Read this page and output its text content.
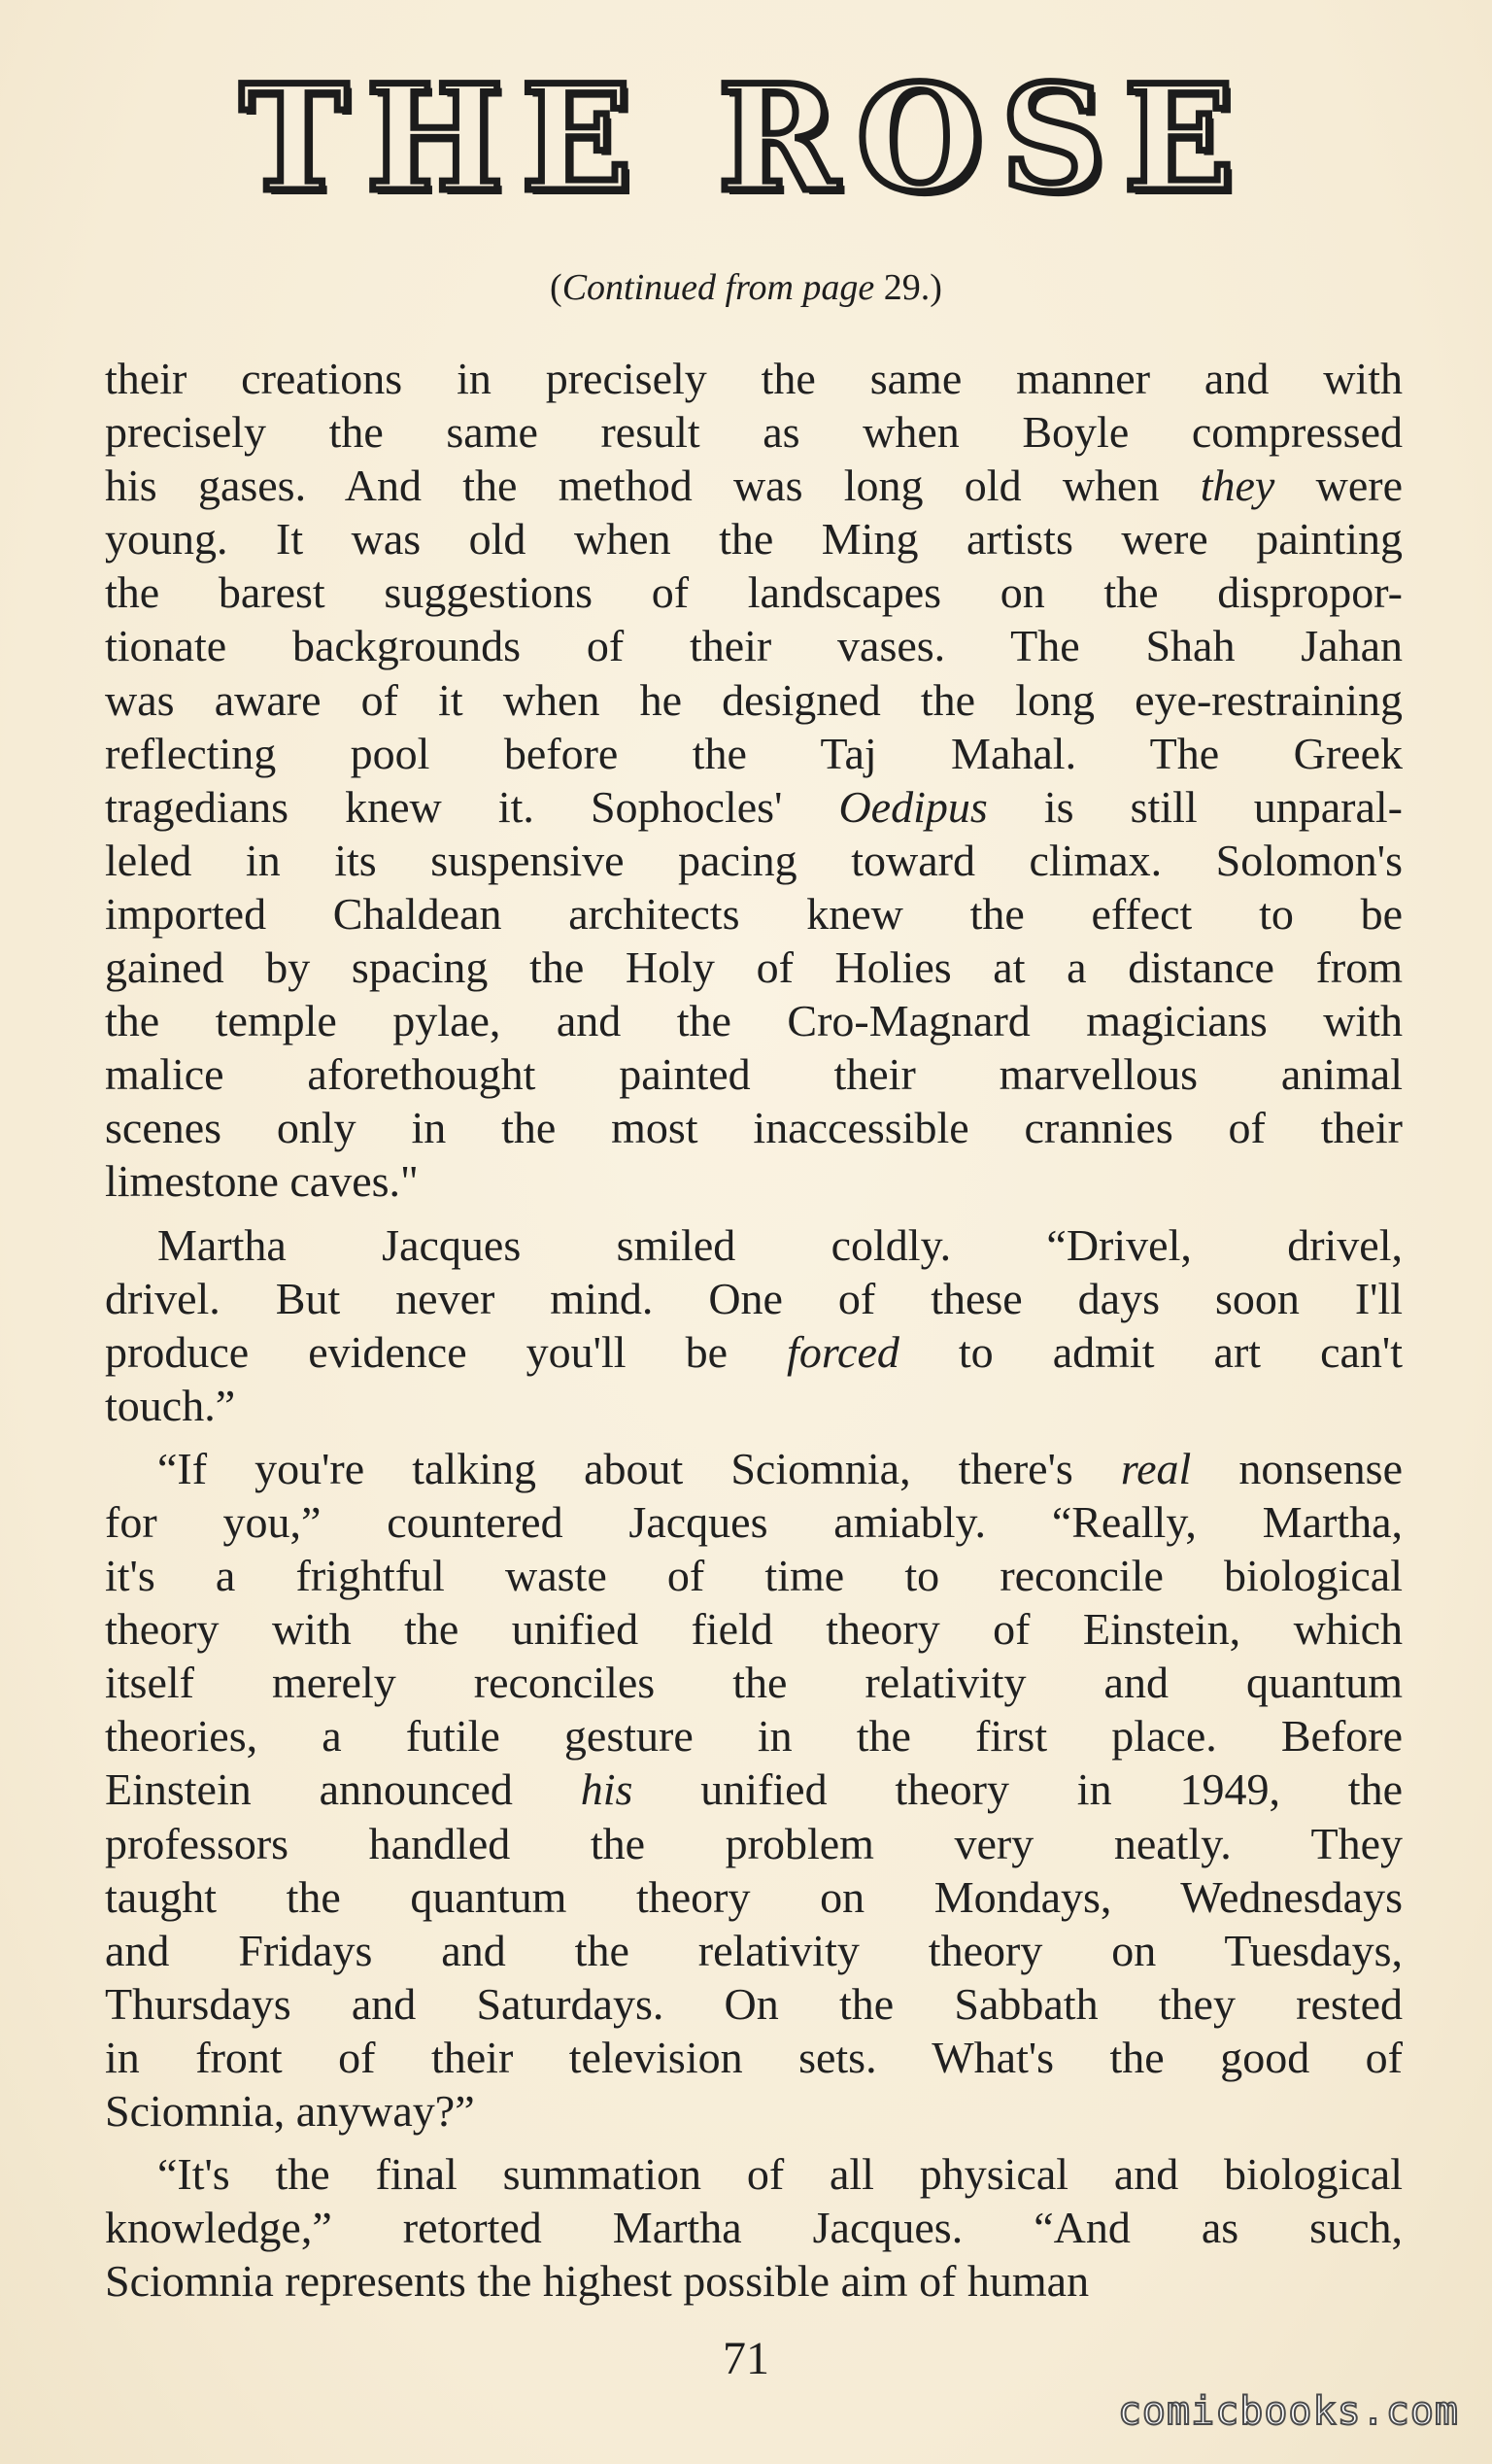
THE ROSE
(Continued from page 29.)
their creations in precisely the same manner and with
precisely the same result as when Boyle compressed
his gases. And the method was long old when they were
young. It was old when the Ming artists were painting
the barest suggestions of landscapes on the dispropor-
tionate backgrounds of their vases. The Shah Jahan
was aware of it when he designed the long eye-restraining
reflecting pool before the Taj Mahal. The Greek
tragedians knew it. Sophocles' Oedipus is still unparal-
leled in its suspensive pacing toward climax. Solomon's
imported Chaldean architects knew the effect to be
gained by spacing the Holy of Holies at a distance from
the temple pylae, and the Cro-Magnard magicians with
malice aforethought painted their marvellous animal
scenes only in the most inaccessible crannies of their
limestone caves."
Martha Jacques smiled coldly. “Drivel, drivel,
drivel. But never mind. One of these days soon I'll
produce evidence you'll be forced to admit art can't
touch.”
“If you're talking about Sciomnia, there's real nonsense
for you,” countered Jacques amiably. “Really, Martha,
it's a frightful waste of time to reconcile biological
theory with the unified field theory of Einstein, which
itself merely reconciles the relativity and quantum
theories, a futile gesture in the first place. Before
Einstein announced his unified theory in 1949, the
professors handled the problem very neatly. They
taught the quantum theory on Mondays, Wednesdays
and Fridays and the relativity theory on Tuesdays,
Thursdays and Saturdays. On the Sabbath they rested
in front of their television sets. What's the good of
Sciomnia, anyway?”
“It's the final summation of all physical and biological
knowledge,” retorted Martha Jacques. “And as such,
Sciomnia represents the highest possible aim of human
71
comicbooks.com
